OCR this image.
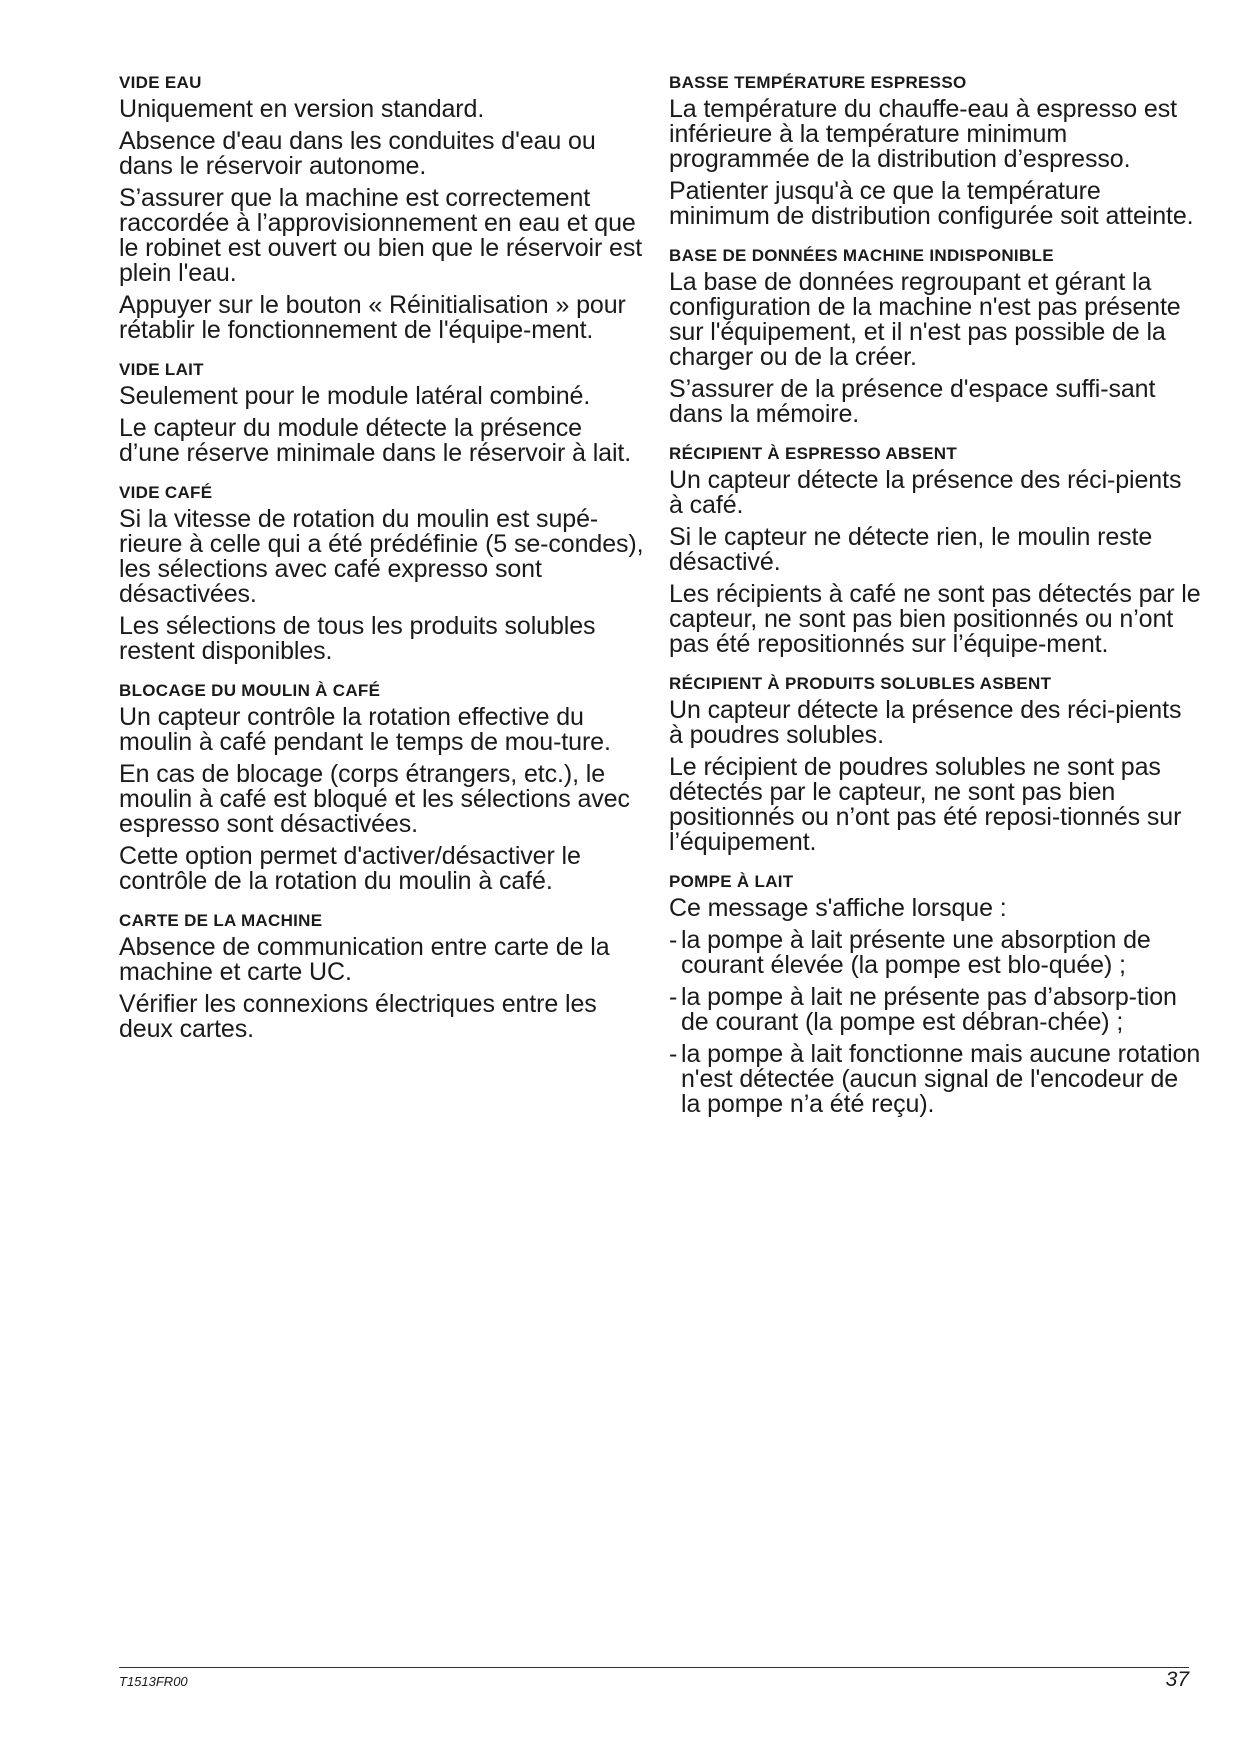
VIDE EAU

Uniquement en version standard.

Absence d'eau dans les conduites d'eau ou dans le réservoir autonome.

S’assurer que la machine est correctement raccordée à l’approvisionnement en eau et que le robinet est ouvert ou bien que le réservoir est plein l'eau.

Appuyer sur le bouton « Réinitialisation » pour rétablir le fonctionnement de l'équipe-ment.

VIDE LAIT

Seulement pour le module latéral combiné.

Le capteur du module détecte la présence d’une réserve minimale dans le réservoir à lait.

VIDE CAFÉ

Si la vitesse de rotation du moulin est supé-rieure à celle qui a été prédéfinie (5 se-condes), les sélections avec café expresso sont désactivées.

Les sélections de tous les produits solubles restent disponibles.

BLOCAGE DU MOULIN À CAFÉ

Un capteur contrôle la rotation effective du moulin à café pendant le temps de mou-ture.

En cas de blocage (corps étrangers, etc.), le moulin à café est bloqué et les sélections avec espresso sont désactivées.

Cette option permet d'activer/désactiver le contrôle de la rotation du moulin à café.

CARTE DE LA MACHINE

Absence de communication entre carte de la machine et carte UC.

Vérifier les connexions électriques entre les deux cartes.

BASSE TEMPÉRATURE ESPRESSO

La température du chauffe-eau à espresso est inférieure à la température minimum programmée de la distribution d’espresso.

Patienter jusqu'à ce que la température minimum de distribution configurée soit atteinte.

BASE DE DONNÉES MACHINE INDISPONIBLE

La base de données regroupant et gérant la configuration de la machine n'est pas présente sur l'équipement, et il n'est pas possible de la charger ou de la créer.

S’assurer de la présence d'espace suffi-sant dans la mémoire.

RÉCIPIENT À ESPRESSO ABSENT

Un capteur détecte la présence des réci-pients à café.

Si le capteur ne détecte rien, le moulin reste désactivé.

Les récipients à café ne sont pas détectés par le capteur, ne sont pas bien positionnés ou n’ont pas été repositionnés sur l’équipe-ment.

RÉCIPIENT À PRODUITS SOLUBLES ASBENT

Un capteur détecte la présence des réci-pients à poudres solubles.

Le récipient de poudres solubles ne sont pas détectés par le capteur, ne sont pas bien positionnés ou n’ont pas été reposi-tionnés sur l’équipement.

POMPE À LAIT

Ce message s'affiche lorsque :

- la pompe à lait présente une absorption de courant élevée (la pompe est blo-quée) ;
- la pompe à lait ne présente pas d’absorp-tion de courant (la pompe est débran-chée) ;
- la pompe à lait fonctionne mais aucune rotation n'est détectée (aucun signal de l'encodeur de la pompe n’a été reçu).
T1513FR00	37
